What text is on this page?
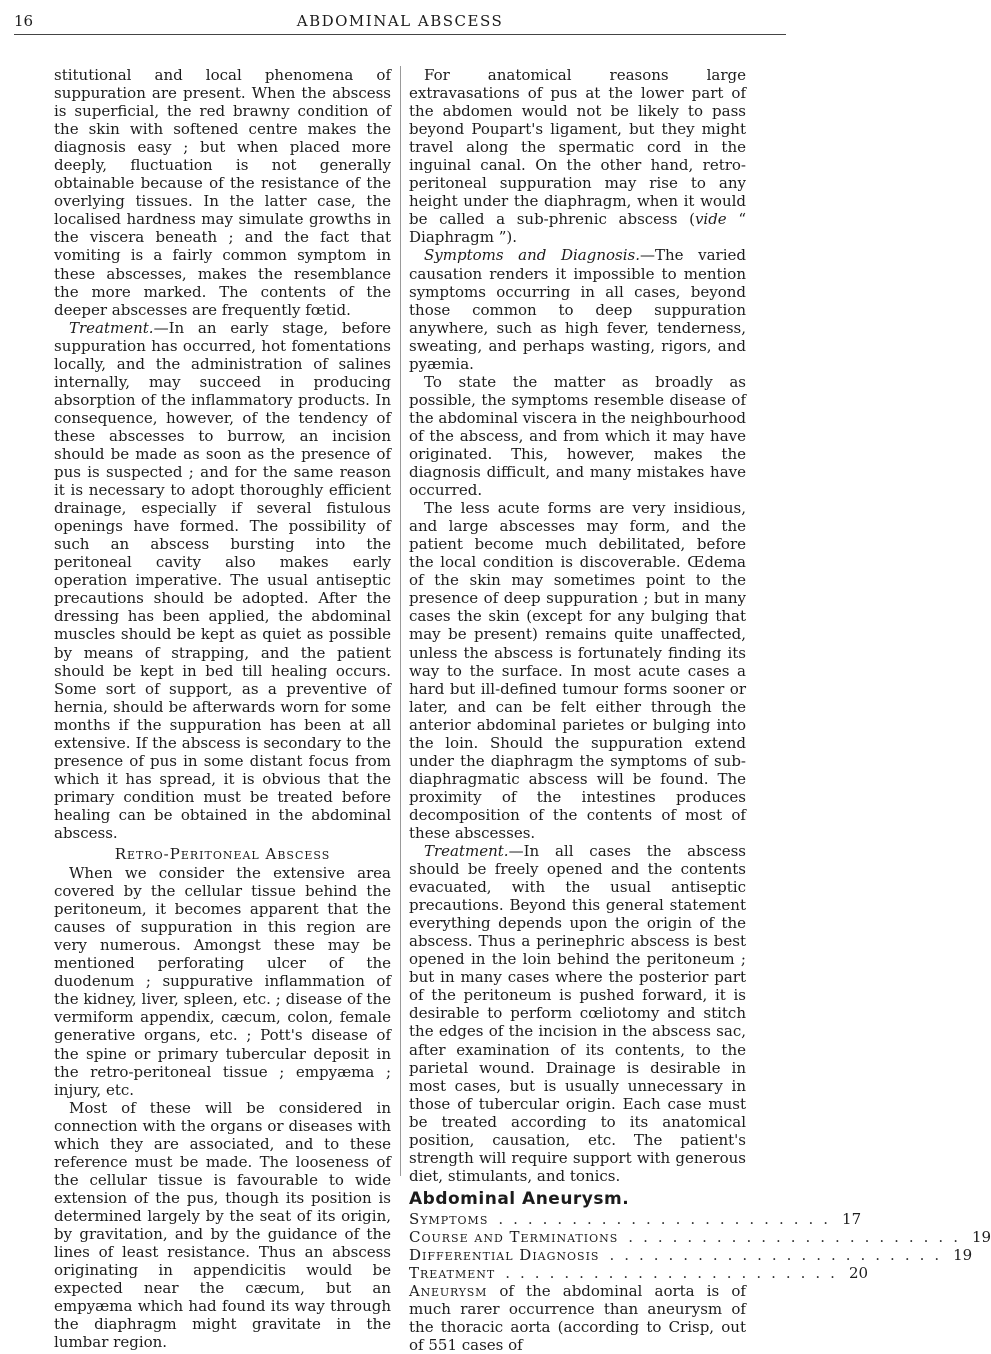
16	ABDOMINAL ABSCESS

stitutional and local phenomena of suppuration are present. When the abscess is superficial, the red brawny condition of the skin with softened centre makes the diagnosis easy ; but when placed more deeply, fluctuation is not generally obtainable because of the resistance of the overlying tissues. In the latter case, the localised hardness may simulate growths in the viscera beneath ; and the fact that vomiting is a fairly common symptom in these abscesses, makes the resemblance the more marked. The contents of the deeper abscesses are frequently fœtid.

Treatment.—In an early stage, before suppuration has occurred, hot fomentations locally, and the administration of salines internally, may succeed in producing absorption of the inflammatory products. In consequence, however, of the tendency of these abscesses to burrow, an incision should be made as soon as the presence of pus is suspected ; and for the same reason it is necessary to adopt thoroughly efficient drainage, especially if several fistulous openings have formed. The possibility of such an abscess bursting into the peritoneal cavity also makes early operation imperative. The usual antiseptic precautions should be adopted. After the dressing has been applied, the abdominal muscles should be kept as quiet as possible by means of strapping, and the patient should be kept in bed till healing occurs. Some sort of support, as a preventive of hernia, should be afterwards worn for some months if the suppuration has been at all extensive. If the abscess is secondary to the presence of pus in some distant focus from which it has spread, it is obvious that the primary condition must be treated before healing can be obtained in the abdominal abscess.

Retro-Peritoneal Abscess

When we consider the extensive area covered by the cellular tissue behind the peritoneum, it becomes apparent that the causes of suppuration in this region are very numerous. Amongst these may be mentioned perforating ulcer of the duodenum ; suppurative inflammation of the kidney, liver, spleen, etc. ; disease of the vermiform appendix, cæcum, colon, female generative organs, etc. ; Pott's disease of the spine or primary tubercular deposit in the retro-peritoneal tissue ; empyæma ; injury, etc.

Most of these will be considered in connection with the organs or diseases with which they are associated, and to these reference must be made. The looseness of the cellular tissue is favourable to wide extension of the pus, though its position is determined largely by the seat of its origin, by gravitation, and by the guidance of the lines of least resistance. Thus an abscess originating in appendicitis would be expected near the cæcum, but an empyæma which had found its way through the diaphragm might gravitate in the lumbar region.

For anatomical reasons large extravasations of pus at the lower part of the abdomen would not be likely to pass beyond Poupart's ligament, but they might travel along the spermatic cord in the inguinal canal. On the other hand, retro-peritoneal suppuration may rise to any height under the diaphragm, when it would be called a sub-phrenic abscess (vide “ Diaphragm ”).

Symptoms and Diagnosis.—The varied causation renders it impossible to mention symptoms occurring in all cases, beyond those common to deep suppuration anywhere, such as high fever, tenderness, sweating, and perhaps wasting, rigors, and pyæmia.

To state the matter as broadly as possible, the symptoms resemble disease of the abdominal viscera in the neighbourhood of the abscess, and from which it may have originated. This, however, makes the diagnosis difficult, and many mistakes have occurred.

The less acute forms are very insidious, and large abscesses may form, and the patient become much debilitated, before the local condition is discoverable. Œdema of the skin may sometimes point to the presence of deep suppuration ; but in many cases the skin (except for any bulging that may be present) remains quite unaffected, unless the abscess is fortunately finding its way to the surface. In most acute cases a hard but ill-defined tumour forms sooner or later, and can be felt either through the anterior abdominal parietes or bulging into the loin. Should the suppuration extend under the diaphragm the symptoms of sub-diaphragmatic abscess will be found. The proximity of the intestines produces decomposition of the contents of most of these abscesses.

Treatment.—In all cases the abscess should be freely opened and the contents evacuated, with the usual antiseptic precautions. Beyond this general statement everything depends upon the origin of the abscess. Thus a perinephric abscess is best opened in the loin behind the peritoneum ; but in many cases where the posterior part of the peritoneum is pushed forward, it is desirable to perform cœliotomy and stitch the edges of the incision in the abscess sac, after examination of its contents, to the parietal wound. Drainage is desirable in most cases, but is usually unnecessary in those of tubercular origin. Each case must be treated according to its anatomical position, causation, etc. The patient's strength will require support with generous diet, stimulants, and tonics.

Abdominal Aneurysm.
Symptoms ....................... 17
Course and Terminations ....................... 19
Differential Diagnosis ....................... 19
Treatment ....................... 20

Aneurysm of the abdominal aorta is of much rarer occurrence than aneurysm of the thoracic aorta (according to Crisp, out of 551 cases of
